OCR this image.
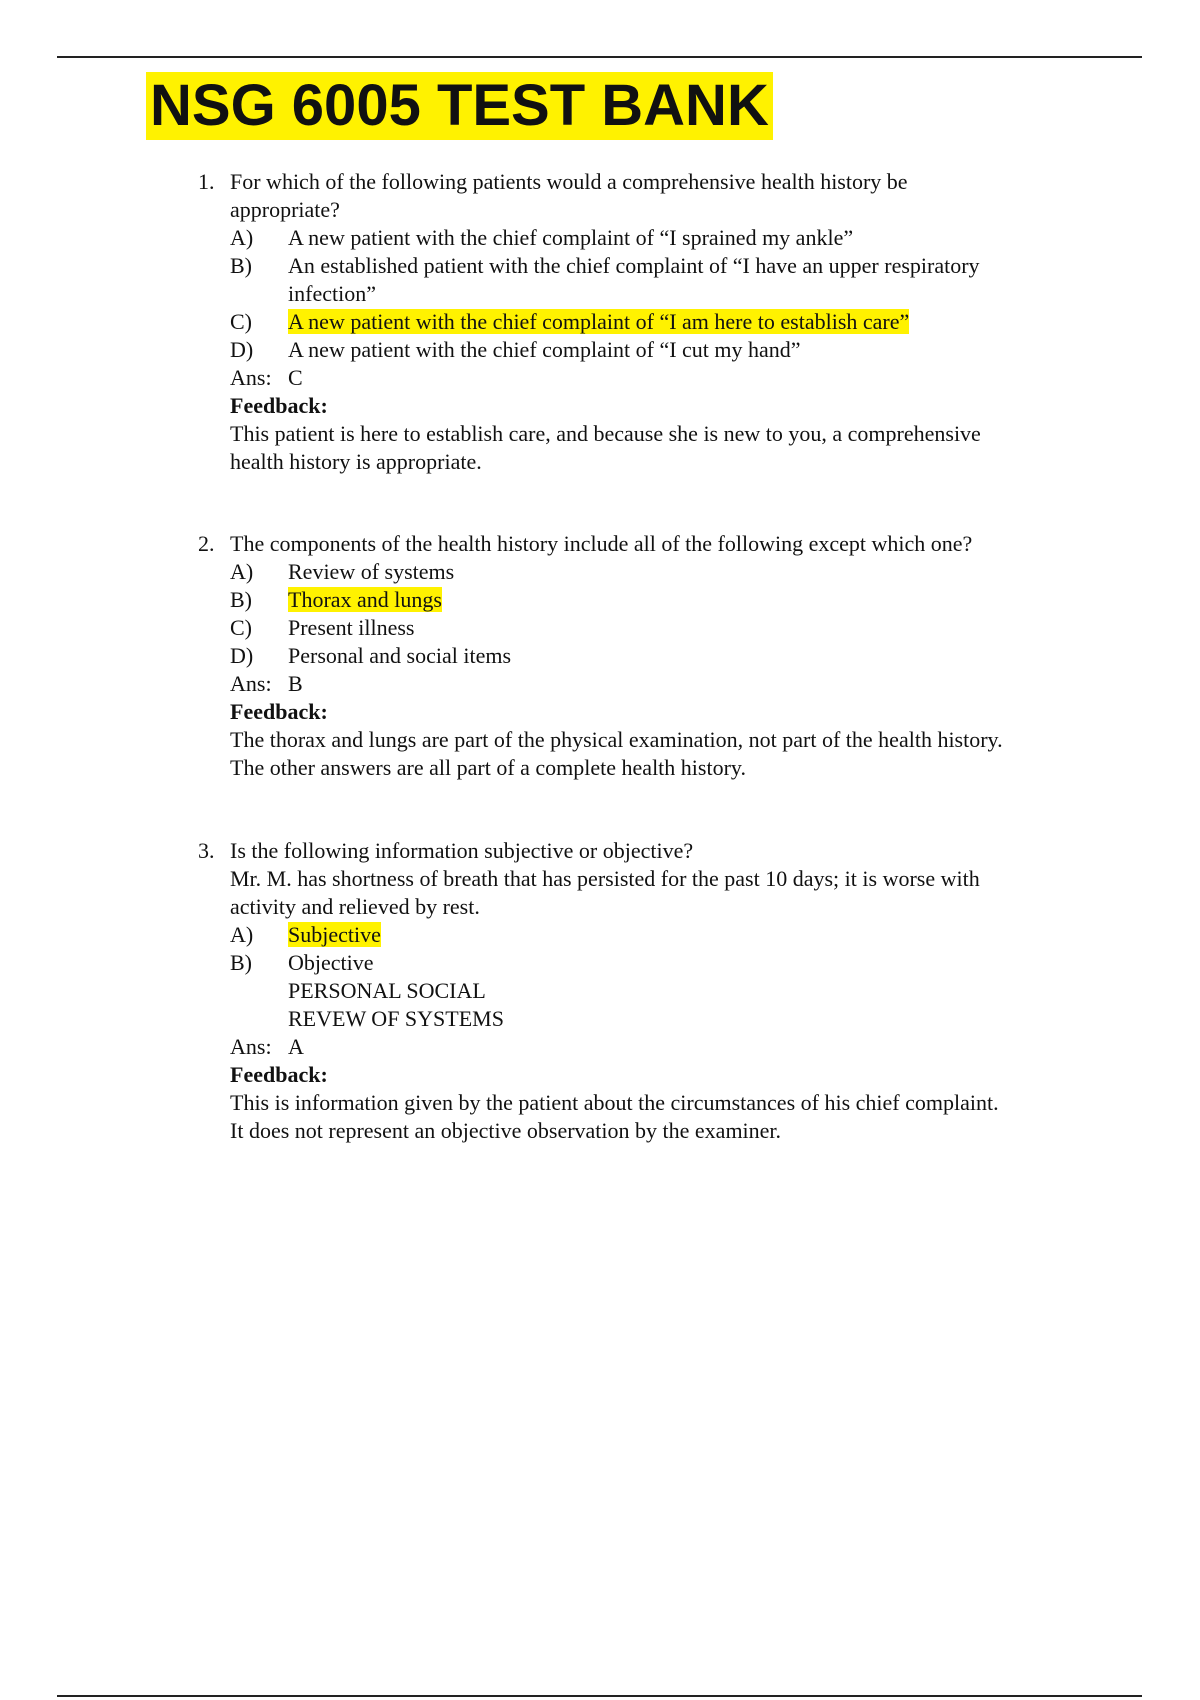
NSG 6005 TEST BANK
1. For which of the following patients would a comprehensive health history be
appropriate?
A) A new patient with the chief complaint of “I sprained my ankle”
B) An established patient with the chief complaint of “I have an upper respiratory
infection”
C) A new patient with the chief complaint of “I am here to establish care”
D) A new patient with the chief complaint of “I cut my hand”
Ans: C
Feedback:
This patient is here to establish care, and because she is new to you, a comprehensive
health history is appropriate.
2. The components of the health history include all of the following except which one?
A) Review of systems
B) Thorax and lungs
C) Present illness
D) Personal and social items
Ans: B
Feedback:
The thorax and lungs are part of the physical examination, not part of the health history.
The other answers are all part of a complete health history.
3. Is the following information subjective or objective?
Mr. M. has shortness of breath that has persisted for the past 10 days; it is worse with
activity and relieved by rest.
A) Subjective
B) Objective
PERSONAL SOCIAL
REVEW OF SYSTEMS
Ans: A
Feedback:
This is information given by the patient about the circumstances of his chief complaint.
It does not represent an objective observation by the examiner.
